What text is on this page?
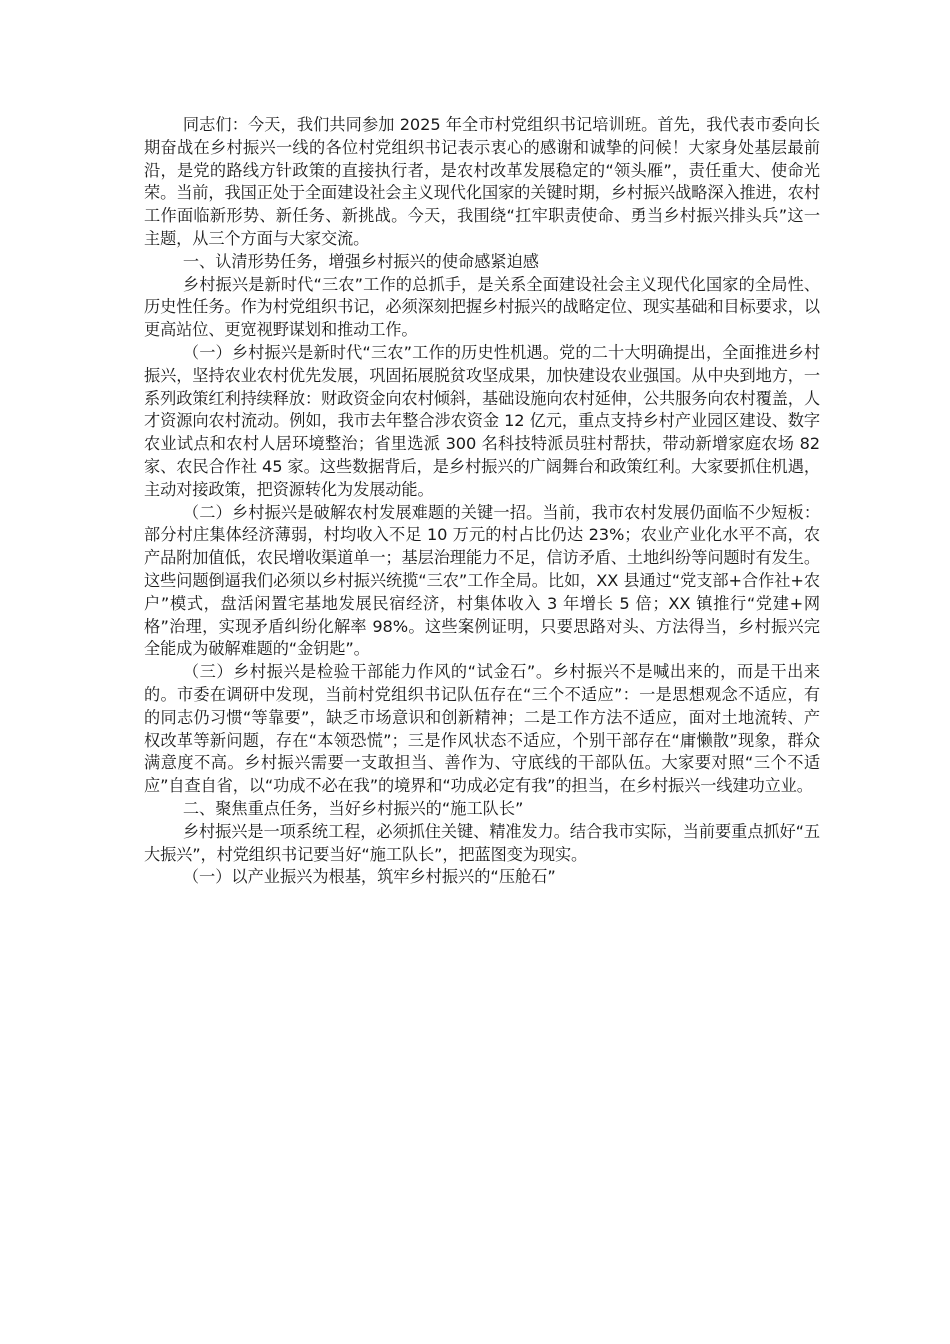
同志们：今天，我们共同参加 2025 年全市村党组织书记培训班。首先，我代表市委向长期奋战在乡村振兴一线的各位村党组织书记表示衷心的感谢和诚挚的问候！大家身处基层最前沿，是党的路线方针政策的直接执行者，是农村改革发展稳定的“领头雁”，责任重大、使命光荣。当前，我国正处于全面建设社会主义现代化国家的关键时期，乡村振兴战略深入推进，农村工作面临新形势、新任务、新挑战。今天，我围绕“扛牢职责使命、勇当乡村振兴排头兵”这一主题，从三个方面与大家交流。

一、认清形势任务，增强乡村振兴的使命感紧迫感

乡村振兴是新时代“三农”工作的总抓手，是关系全面建设社会主义现代化国家的全局性、历史性任务。作为村党组织书记，必须深刻把握乡村振兴的战略定位、现实基础和目标要求，以更高站位、更宽视野谋划和推动工作。

（一）乡村振兴是新时代“三农”工作的历史性机遇。党的二十大明确提出，全面推进乡村振兴，坚持农业农村优先发展，巩固拓展脱贫攻坚成果，加快建设农业强国。从中央到地方，一系列政策红利持续释放：财政资金向农村倾斜，基础设施向农村延伸，公共服务向农村覆盖，人才资源向农村流动。例如，我市去年整合涉农资金 12 亿元，重点支持乡村产业园区建设、数字农业试点和农村人居环境整治；省里选派 300 名科技特派员驻村帮扶，带动新增家庭农场 82 家、农民合作社 45 家。这些数据背后，是乡村振兴的广阔舞台和政策红利。大家要抓住机遇，主动对接政策，把资源转化为发展动能。

（二）乡村振兴是破解农村发展难题的关键一招。当前，我市农村发展仍面临不少短板：部分村庄集体经济薄弱，村均收入不足 10 万元的村占比仍达 23%；农业产业化水平不高，农产品附加值低，农民增收渠道单一；基层治理能力不足，信访矛盾、土地纠纷等问题时有发生。这些问题倒逼我们必须以乡村振兴统揽“三农”工作全局。比如，XX 县通过“党支部+合作社+农户”模式，盘活闲置宅基地发展民宿经济，村集体收入 3 年增长 5 倍；XX 镇推行“党建+网格”治理，实现矛盾纠纷化解率 98%。这些案例证明，只要思路对头、方法得当，乡村振兴完全能成为破解难题的“金钥匙”。

（三）乡村振兴是检验干部能力作风的“试金石”。乡村振兴不是喊出来的，而是干出来的。市委在调研中发现，当前村党组织书记队伍存在“三个不适应”：一是思想观念不适应，有的同志仍习惯“等靠要”，缺乏市场意识和创新精神；二是工作方法不适应，面对土地流转、产权改革等新问题，存在“本领恐慌”；三是作风状态不适应，个别干部存在“庸懒散”现象，群众满意度不高。乡村振兴需要一支敢担当、善作为、守底线的干部队伍。大家要对照“三个不适应”自查自省，以“功成不必在我”的境界和“功成必定有我”的担当，在乡村振兴一线建功立业。

二、聚焦重点任务，当好乡村振兴的“施工队长”

乡村振兴是一项系统工程，必须抓住关键、精准发力。结合我市实际，当前要重点抓好“五大振兴”，村党组织书记要当好“施工队长”，把蓝图变为现实。

（一）以产业振兴为根基，筑牢乡村振兴的“压舱石”
